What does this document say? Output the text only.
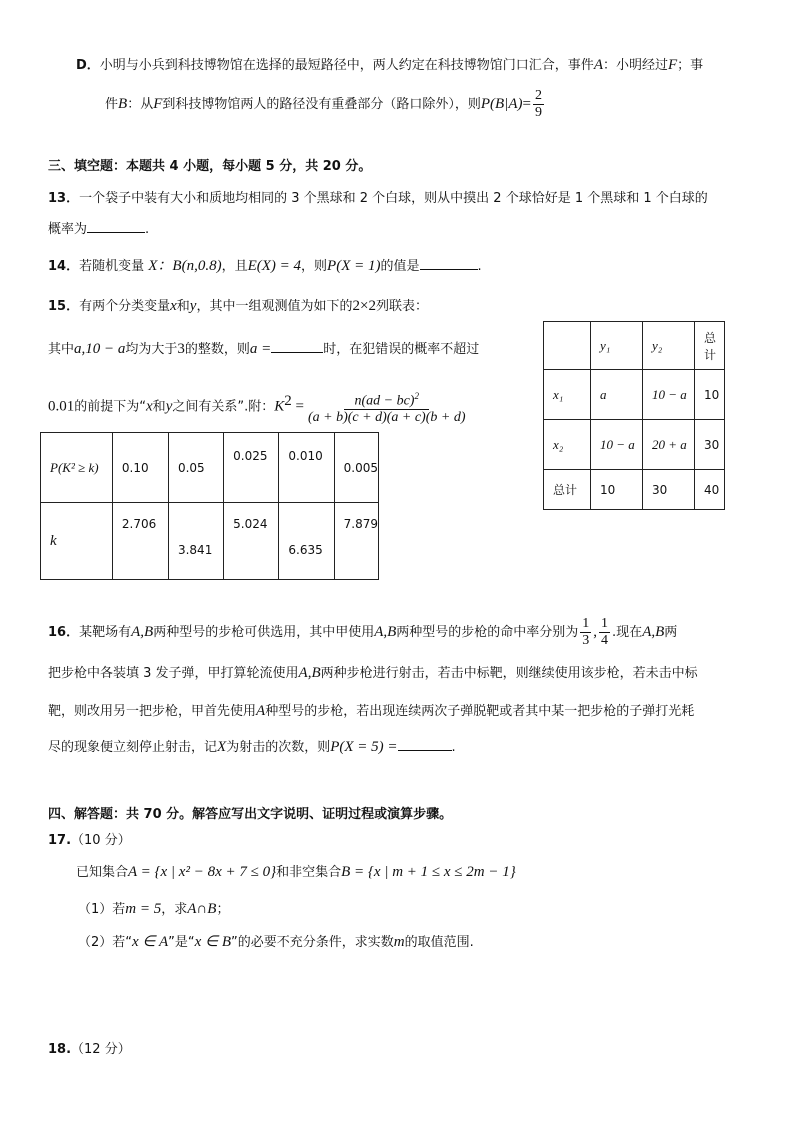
D．小明与小兵到科技博物馆在选择的最短路径中，两人约定在科技博物馆门口汇合，事件A：小明经过F；事
件B：从F到科技博物馆两人的路径没有重叠部分（路口除外），则$P(B|A)= \frac{2}{9}$
三、填空题：本题共 4 小题，每小题 5 分，共 20 分。
13．一个袋子中装有大小和质地均相同的 3 个黑球和 2 个白球，则从中摸出 2 个球恰好是 1 个黑球和 1 个白球的
概率为	.
14．若随机变量 X：B(n,0.8)，且E(X) = 4，则P(X = 1)的值是	.
15．有两个分类变量x和y，其中一组观测值为如下的2×2列联表：
其中a,10 − a均为大于3的整数，则a =	时，在犯错误的概率不超过
0.01的前提下为“x和y之间有关系”.附：$K^2 = \frac{n(ad - bc)^2}{(a + b)(c + d)(a + c)(b + d)}$
P(K² ≥ k)	0.10	0.05	0.025	0.010	0.005
k	2.706	3.841	5.024	6.635	7.879
	y₁	y₂	总计
x₁	a	10 − a	10
x₂	10 − a	20 + a	30
总计	10	30	40
16．某靶场有A,B两种型号的步枪可供选用，其中甲使用A,B两种型号的步枪的命中率分别为 $\frac{1}{3}$ , $\frac{1}{4}$ .现在A,B两
把步枪中各装填 3 发子弹，甲打算轮流使用A,B两种步枪进行射击，若击中标靶，则继续使用该步枪，若未击中标
靶，则改用另一把步枪，甲首先使用A种型号的步枪，若出现连续两次子弹脱靶或者其中某一把步枪的子弹打光耗
尽的现象便立刻停止射击，记X为射击的次数，则P(X = 5) =	.
四、解答题：共 70 分。解答应写出文字说明、证明过程或演算步骤。
17.（10 分）
已知集合A = {x | x² − 8x + 7 ≤ 0}和非空集合B = {x | m + 1 ≤ x ≤ 2m − 1}
（1）若m = 5，求A∩B；
（2）若“x ∈ A”是“x ∈ B”的必要不充分条件，求实数m的取值范围.
18.（12 分）
